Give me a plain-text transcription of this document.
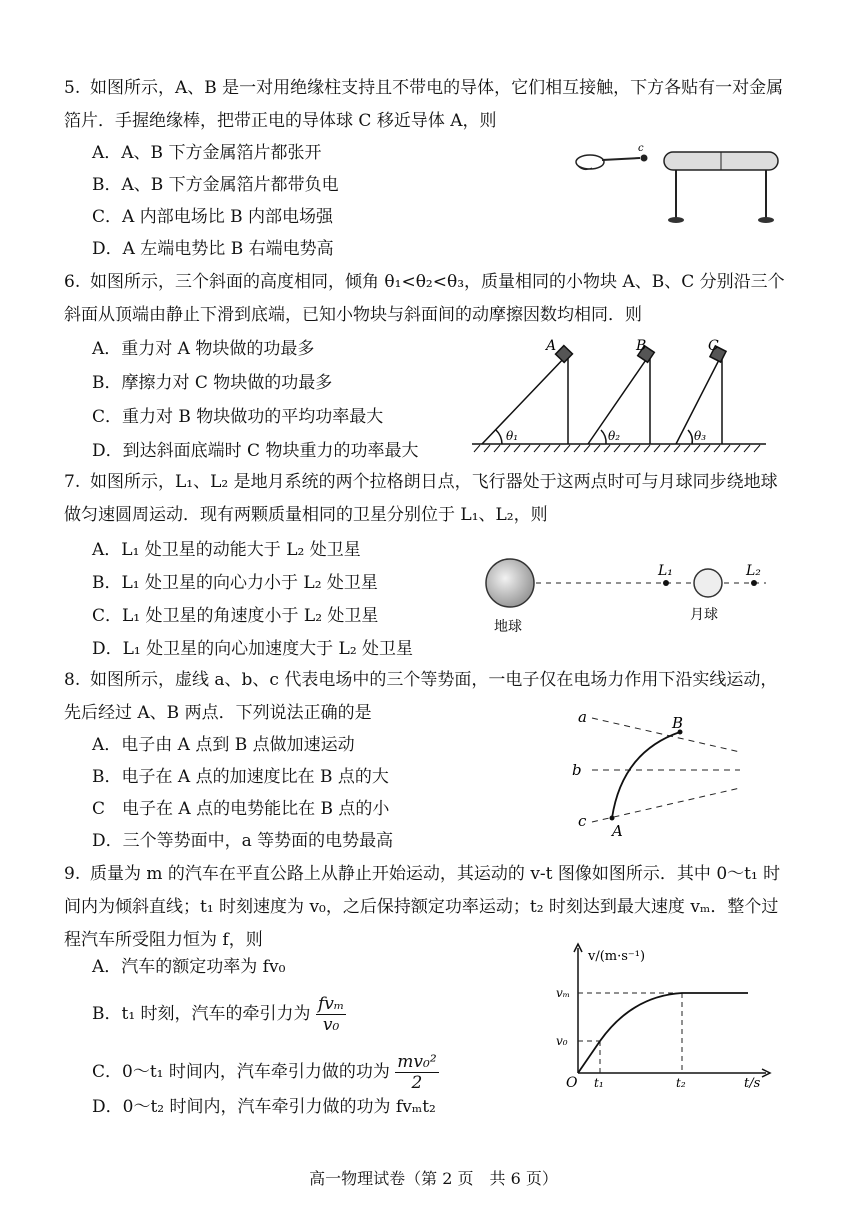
5. 如图所示，A、B 是一对用绝缘柱支持且不带电的导体，它们相互接触，下方各贴有一对金属箔片．手握绝缘棒，把带正电的导体球 C 移近导体 A，则
A．A、B 下方金属箔片都张开
B．A、B 下方金属箔片都带负电
C．A 内部电场比 B 内部电场强
D．A 左端电势比 B 右端电势高
c
6. 如图所示，三个斜面的高度相同，倾角 θ₁<θ₂<θ₃，质量相同的小物块 A、B、C 分别沿三个斜面从顶端由静止下滑到底端，已知小物块与斜面间的动摩擦因数均相同．则
A．重力对 A 物块做的功最多
B．摩擦力对 C 物块做的功最多
C．重力对 B 物块做功的平均功率最大
D．到达斜面底端时 C 物块重力的功率最大
A	B	C
θ₁	θ₂	θ₃
7. 如图所示，L₁、L₂ 是地月系统的两个拉格朗日点，飞行器处于这两点时可与月球同步绕地球做匀速圆周运动．现有两颗质量相同的卫星分别位于 L₁、L₂，则
A．L₁ 处卫星的动能大于 L₂ 处卫星
B．L₁ 处卫星的向心力小于 L₂ 处卫星
C．L₁ 处卫星的角速度小于 L₂ 处卫星
D．L₁ 处卫星的向心加速度大于 L₂ 处卫星
L₁	L₂
地球
月球
8. 如图所示，虚线 a、b、c 代表电场中的三个等势面，一电子仅在电场力作用下沿实线运动，先后经过 A、B 两点．下列说法正确的是
A．电子由 A 点到 B 点做加速运动
B．电子在 A 点的加速度比在 B 点的大
C　电子在 A 点的电势能比在 B 点的小
D．三个等势面中，a 等势面的电势最高
a
b
c
A
B
9. 质量为 m 的汽车在平直公路上从静止开始运动，其运动的 v-t 图像如图所示．其中 0～t₁ 时间内为倾斜直线；t₁ 时刻速度为 v₀，之后保持额定功率运动；t₂ 时刻达到最大速度 vₘ．整个过程汽车所受阻力恒为 f，则
A．汽车的额定功率为 fv₀
B．t₁ 时刻，汽车的牵引力为 $\frac{\text{fvₘ}}{\text{v₀}}$
C．0～t₁ 时间内，汽车牵引力做的功为 $\frac{\text{mv₀²}}{2}$
D．0～t₂ 时间内，汽车牵引力做的功为 fvₘt₂
v/(m·s⁻¹)
t/s
O
vₘ
v₀
t₁	t₂
高一物理试卷（第 2 页　共 6 页）
